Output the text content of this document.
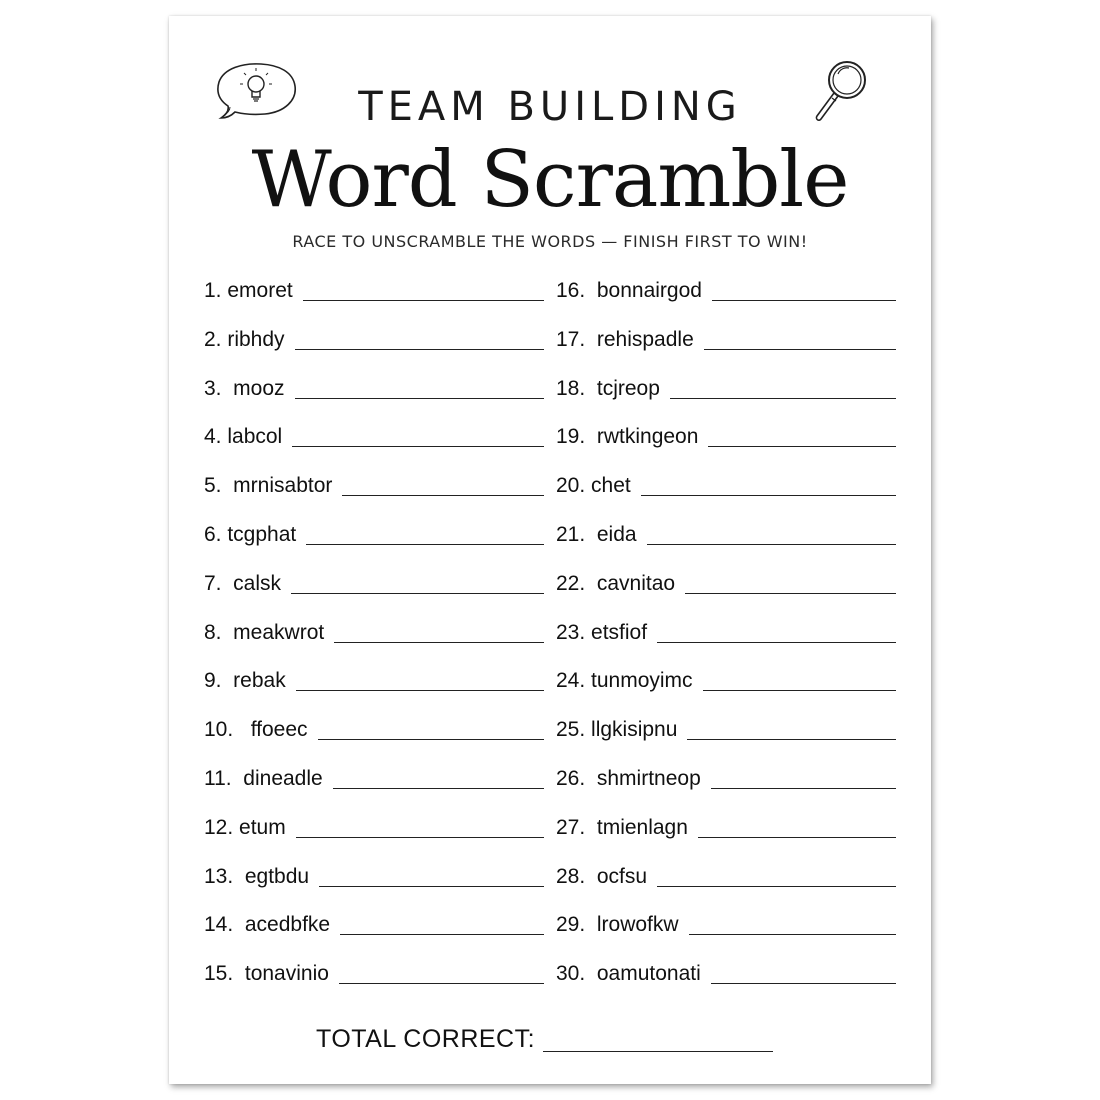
TEAM BUILDING
Word Scramble
RACE TO UNSCRAMBLE THE WORDS — FINISH FIRST TO WIN!
1. emoret
2. ribhdy
3.  mooz
4. labcol
5.  mrnisabtor
6. tcgphat
7.  calsk
8.  meakwrot
9.  rebak
10.   ffoeec
11.  dineadle
12. etum
13.  egtbdu
14.  acedbfke
15.  tonavinio
16.  bonnairgod
17.  rehispadle
18.  tcjreop
19.  rwtkingeon
20. chet
21.  eida
22.  cavnitao
23. etsfiof
24. tunmoyimc
25. llgkisipnu
26.  shmirtneop
27.  tmienlagn
28.  ocfsu
29.  lrowofkw
30.  oamutonati
TOTAL CORRECT:
